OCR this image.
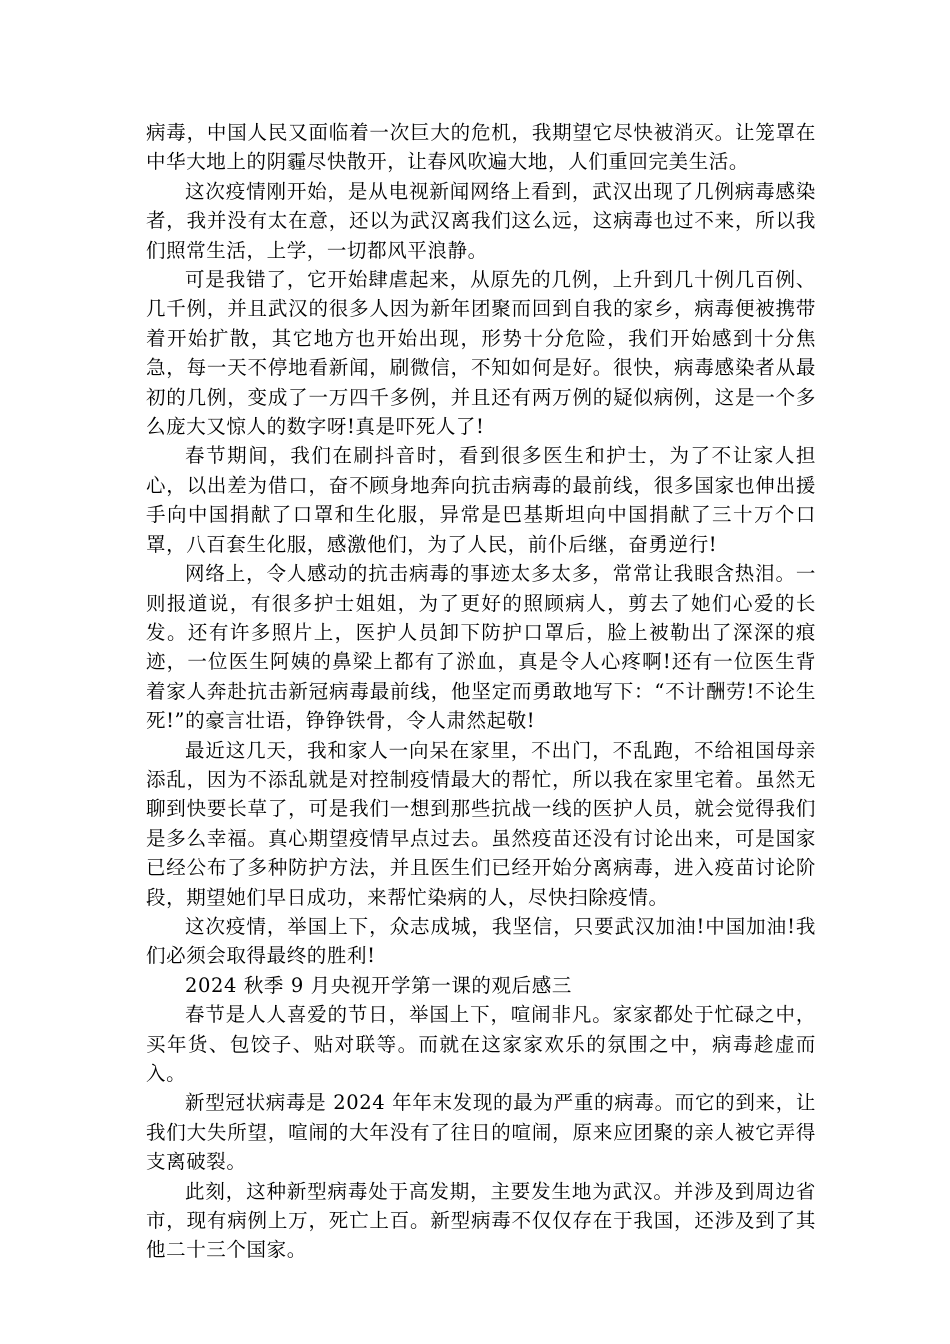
病毒，中国人民又面临着一次巨大的危机，我期望它尽快被消灭。让笼罩在中华大地上的阴霾尽快散开，让春风吹遍大地，人们重回完美生活。

这次疫情刚开始，是从电视新闻网络上看到，武汉出现了几例病毒感染者，我并没有太在意，还以为武汉离我们这么远，这病毒也过不来，所以我们照常生活，上学，一切都风平浪静。

可是我错了，它开始肆虐起来，从原先的几例，上升到几十例几百例、几千例，并且武汉的很多人因为新年团聚而回到自我的家乡，病毒便被携带着开始扩散，其它地方也开始出现，形势十分危险，我们开始感到十分焦急，每一天不停地看新闻，刷微信，不知如何是好。很快，病毒感染者从最初的几例，变成了一万四千多例，并且还有两万例的疑似病例，这是一个多么庞大又惊人的数字呀!真是吓死人了!

春节期间，我们在刷抖音时，看到很多医生和护士，为了不让家人担心，以出差为借口，奋不顾身地奔向抗击病毒的最前线，很多国家也伸出援手向中国捐献了口罩和生化服，异常是巴基斯坦向中国捐献了三十万个口罩，八百套生化服，感激他们，为了人民，前仆后继，奋勇逆行!

网络上，令人感动的抗击病毒的事迹太多太多，常常让我眼含热泪。一则报道说，有很多护士姐姐，为了更好的照顾病人，剪去了她们心爱的长发。还有许多照片上，医护人员卸下防护口罩后，脸上被勒出了深深的痕迹，一位医生阿姨的鼻梁上都有了淤血，真是令人心疼啊!还有一位医生背着家人奔赴抗击新冠病毒最前线，他坚定而勇敢地写下：“不计酬劳!不论生死!”的豪言壮语，铮铮铁骨，令人肃然起敬!

最近这几天，我和家人一向呆在家里，不出门，不乱跑，不给祖国母亲添乱，因为不添乱就是对控制疫情最大的帮忙，所以我在家里宅着。虽然无聊到快要长草了，可是我们一想到那些抗战一线的医护人员，就会觉得我们是多么幸福。真心期望疫情早点过去。虽然疫苗还没有讨论出来，可是国家已经公布了多种防护方法，并且医生们已经开始分离病毒，进入疫苗讨论阶段，期望她们早日成功，来帮忙染病的人，尽快扫除疫情。

这次疫情，举国上下，众志成城，我坚信，只要武汉加油!中国加油!我们必须会取得最终的胜利!

2024 秋季 9 月央视开学第一课的观后感三

春节是人人喜爱的节日，举国上下，喧闹非凡。家家都处于忙碌之中，买年货、包饺子、贴对联等。而就在这家家欢乐的氛围之中，病毒趁虚而入。

新型冠状病毒是 2024 年年末发现的最为严重的病毒。而它的到来，让我们大失所望，喧闹的大年没有了往日的喧闹，原来应团聚的亲人被它弄得支离破裂。

此刻，这种新型病毒处于高发期，主要发生地为武汉。并涉及到周边省市，现有病例上万，死亡上百。新型病毒不仅仅存在于我国，还涉及到了其他二十三个国家。
